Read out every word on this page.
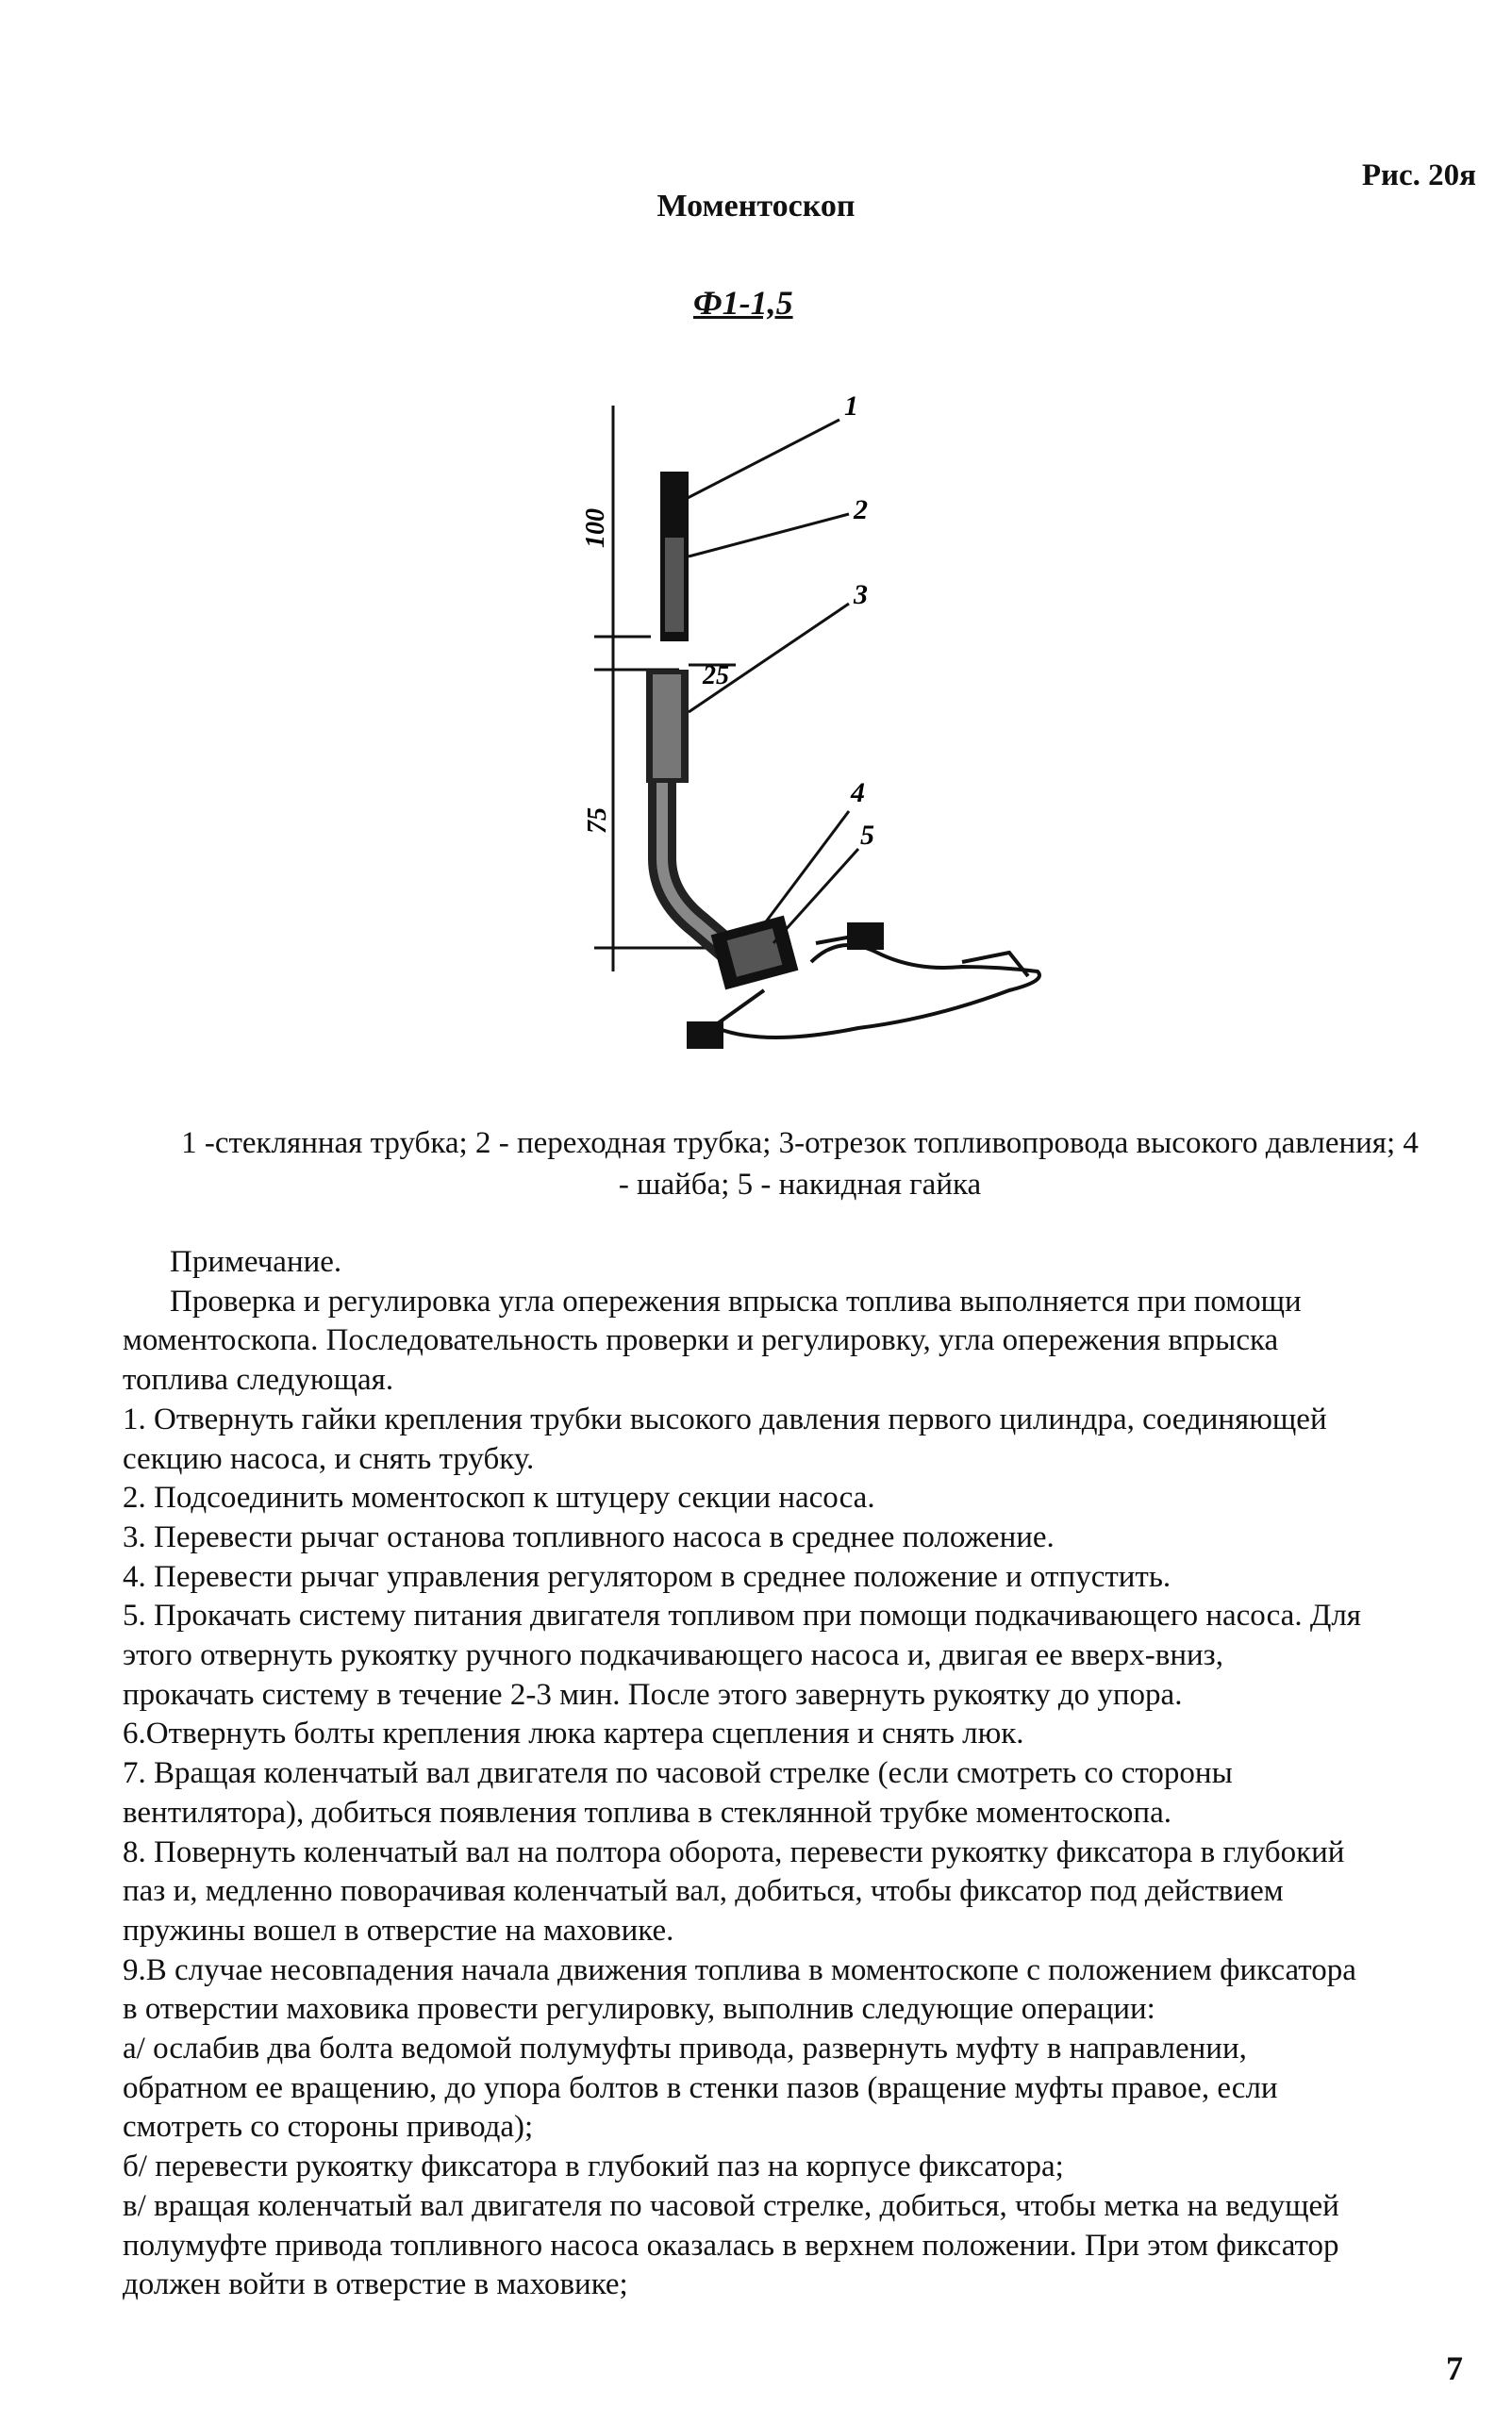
Рис. 20я
Моментоскоп
Ф1-1,5
100
25
75
1
2
3
4
5
1 -стеклянная трубка; 2 - переходная трубка; 3-отрезок топливопровода высокого давления; 4
- шайба; 5 - накидная гайка

Примечание.

Проверка и регулировка угла опережения впрыска топлива выполняется при помощи

моментоскопа. Последовательность проверки и регулировку, угла опережения впрыска

топлива следующая.

1. Отвернуть гайки крепления трубки высокого давления первого цилиндра, соединяющей

секцию насоса, и снять трубку.

2. Подсоединить моментоскоп к штуцеру секции насоса.

3. Перевести рычаг останова топливного насоса в среднее положение.

4. Перевести рычаг управления регулятором в среднее положение и отпустить.

5. Прокачать систему питания двигателя топливом при помощи подкачивающего насоса. Для

этого отвернуть рукоятку ручного подкачивающего насоса и, двигая ее вверх-вниз,

прокачать систему в течение 2-3 мин. После этого завернуть рукоятку до упора.

6.Отвернуть болты крепления люка картера сцепления и снять люк.

7. Вращая коленчатый вал двигателя по часовой стрелке (если смотреть со стороны

вентилятора), добиться появления топлива в стеклянной трубке моментоскопа.

8. Повернуть коленчатый вал на полтора оборота, перевести рукоятку фиксатора в глубокий

паз и, медленно поворачивая коленчатый вал, добиться, чтобы фиксатор под действием

пружины вошел в отверстие на маховике.

9.В случае несовпадения начала движения топлива в моментоскопе с положением фиксатора

в отверстии маховика провести регулировку, выполнив следующие операции:

а/ ослабив два болта ведомой полумуфты привода, развернуть муфту в направлении,

обратном ее вращению, до упора болтов в стенки пазов (вращение муфты правое, если

смотреть со стороны привода);

б/ перевести рукоятку фиксатора в глубокий паз на корпусе фиксатора;

в/ вращая коленчатый вал двигателя по часовой стрелке, добиться, чтобы метка на ведущей

полумуфте привода топливного насоса оказалась в верхнем положении. При этом фиксатор

должен войти в отверстие в маховике;

7
